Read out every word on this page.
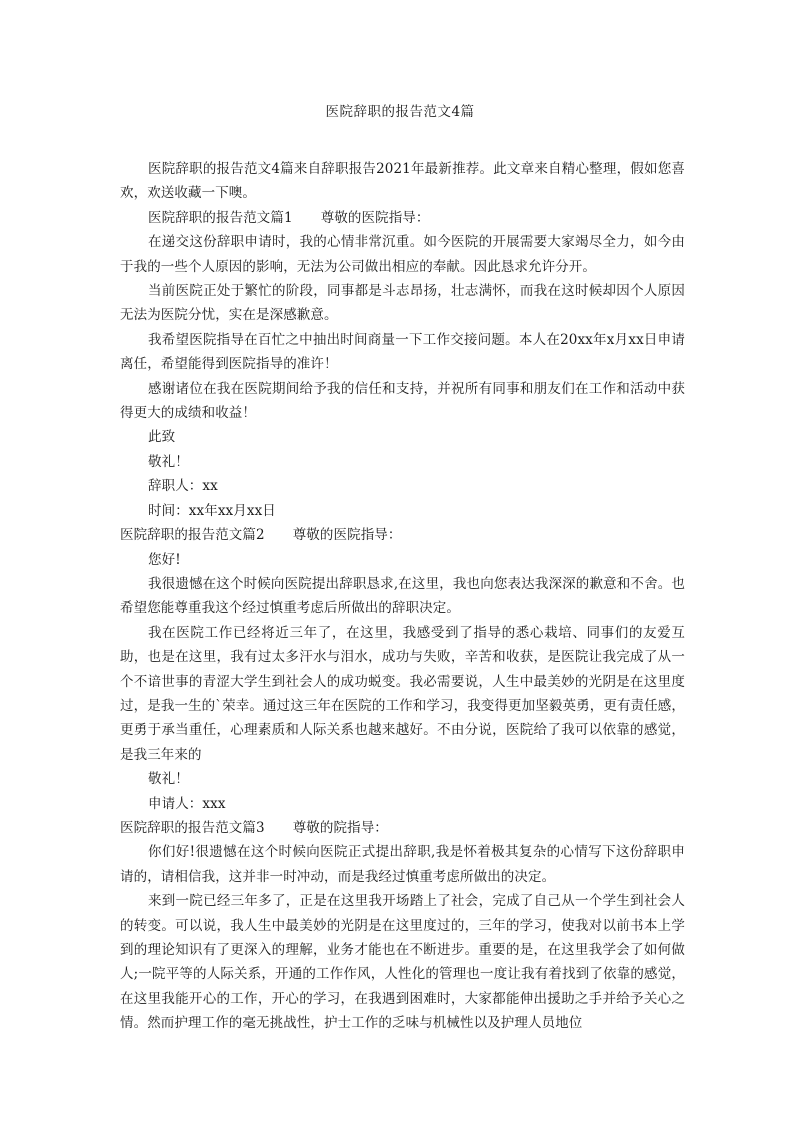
医院辞职的报告范文4篇

医院辞职的报告范文4篇来自辞职报告2021年最新推荐。此文章来自精心整理，假如您喜欢，欢送收藏一下噢。

医院辞职的报告范文篇1 尊敬的医院指导：

在递交这份辞职申请时，我的心情非常沉重。如今医院的开展需要大家竭尽全力，如今由于我的一些个人原因的影响，无法为公司做出相应的奉献。因此恳求允许分开。

当前医院正处于繁忙的阶段，同事都是斗志昂扬，壮志满怀，而我在这时候却因个人原因无法为医院分忧，实在是深感歉意。

我希望医院指导在百忙之中抽出时间商量一下工作交接问题。本人在20xx年x月xx日申请离任，希望能得到医院指导的准许！

感谢诸位在我在医院期间给予我的信任和支持，并祝所有同事和朋友们在工作和活动中获得更大的成绩和收益！

此致

敬礼！

辞职人：xx

时间：xx年xx月xx日

医院辞职的报告范文篇2 尊敬的医院指导：

您好!

我很遗憾在这个时候向医院提出辞职恳求,在这里，我也向您表达我深深的歉意和不舍。也希望您能尊重我这个经过慎重考虑后所做出的辞职决定。

我在医院工作已经将近三年了，在这里，我感受到了指导的悉心栽培、同事们的友爱互助，也是在这里，我有过太多汗水与泪水，成功与失败，辛苦和收获，是医院让我完成了从一个不谙世事的青涩大学生到社会人的成功蜕变。我必需要说，人生中最美妙的光阴是在这里度过，是我一生的`荣幸。通过这三年在医院的工作和学习，我变得更加坚毅英勇，更有责任感，更勇于承当重任，心理素质和人际关系也越来越好。不由分说，医院给了我可以依靠的感觉，是我三年来的

敬礼！

申请人：xxx

医院辞职的报告范文篇3 尊敬的院指导：

你们好!很遗憾在这个时候向医院正式提出辞职,我是怀着极其复杂的心情写下这份辞职申请的，请相信我，这并非一时冲动，而是我经过慎重考虑所做出的决定。

来到一院已经三年多了，正是在这里我开场踏上了社会，完成了自己从一个学生到社会人的转变。可以说，我人生中最美妙的光阴是在这里度过的，三年的学习，使我对以前书本上学到的理论知识有了更深入的理解，业务才能也在不断进步。重要的是，在这里我学会了如何做人;一院平等的人际关系，开通的工作作风，人性化的管理也一度让我有着找到了依靠的感觉，在这里我能开心的工作，开心的学习，在我遇到困难时，大家都能伸出援助之手并给予关心之情。然而护理工作的毫无挑战性，护士工作的乏味与机械性以及护理人员地位
